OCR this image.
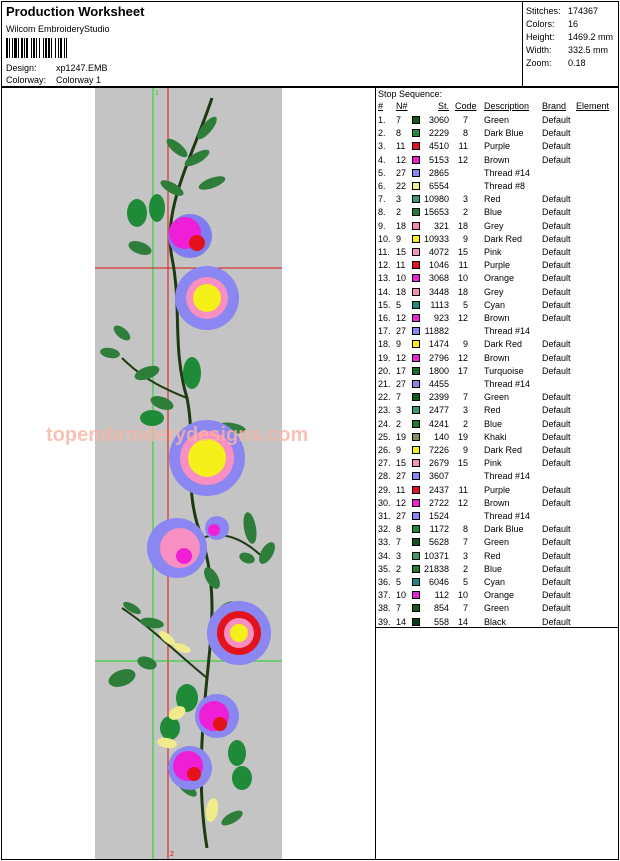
Production Worksheet
Wilcom EmbroideryStudio
Design: xp1247.EMB
Colorway: Colorway 1
Stitches: 174367
Colors: 16
Height: 1469.2 mm
Width: 332.5 mm
Zoom: 0.18
1
2
topembroiderydesigns.com
Stop Sequence:
# N#	St. Code Description Brand Element
1. 7	3060	7 Green	Default
2. 8	2229	8 Dark Blue Default
3. 11	4510 11 Purple	Default
4. 12	5153 12 Brown	Default
5. 27	2865	Thread #14
6. 22	6554	Thread #8
7. 3	10980	3 Red	Default
8. 2	15653	2 Blue	Default
9. 18	321 18 Grey	Default
10. 9	10933	9 Dark Red Default
11. 15	4072 15 Pink	Default
12. 11	1046 11 Purple	Default
13. 10	3068 10 Orange	Default
14. 18	3448 18 Grey	Default
15. 5	1113	5 Cyan	Default
16. 12	923 12 Brown	Default
17. 27	11882	Thread #14
18. 9	1474	9 Dark Red Default
19. 12	2796 12 Brown	Default
20. 17	1800 17 Turquoise Default
21. 27	4455	Thread #14
22. 7	2399	7 Green	Default
23. 3	2477	3 Red	Default
24. 2	4241	2 Blue	Default
25. 19	140 19 Khaki	Default
26. 9	7226	9 Dark Red Default
27. 15	2679 15 Pink	Default
28. 27	3607	Thread #14
29. 11	2437 11 Purple	Default
30. 12	2722 12 Brown	Default
31. 27	1524	Thread #14
32. 8	1172	8 Dark Blue Default
33. 7	5628	7 Green	Default
34. 3	10371	3 Red	Default
35. 2	21838	2 Blue	Default
36. 5	6046	5 Cyan	Default
37. 10	112 10 Orange	Default
38. 7	854	7 Green	Default
39. 14	558 14 Black	Default
